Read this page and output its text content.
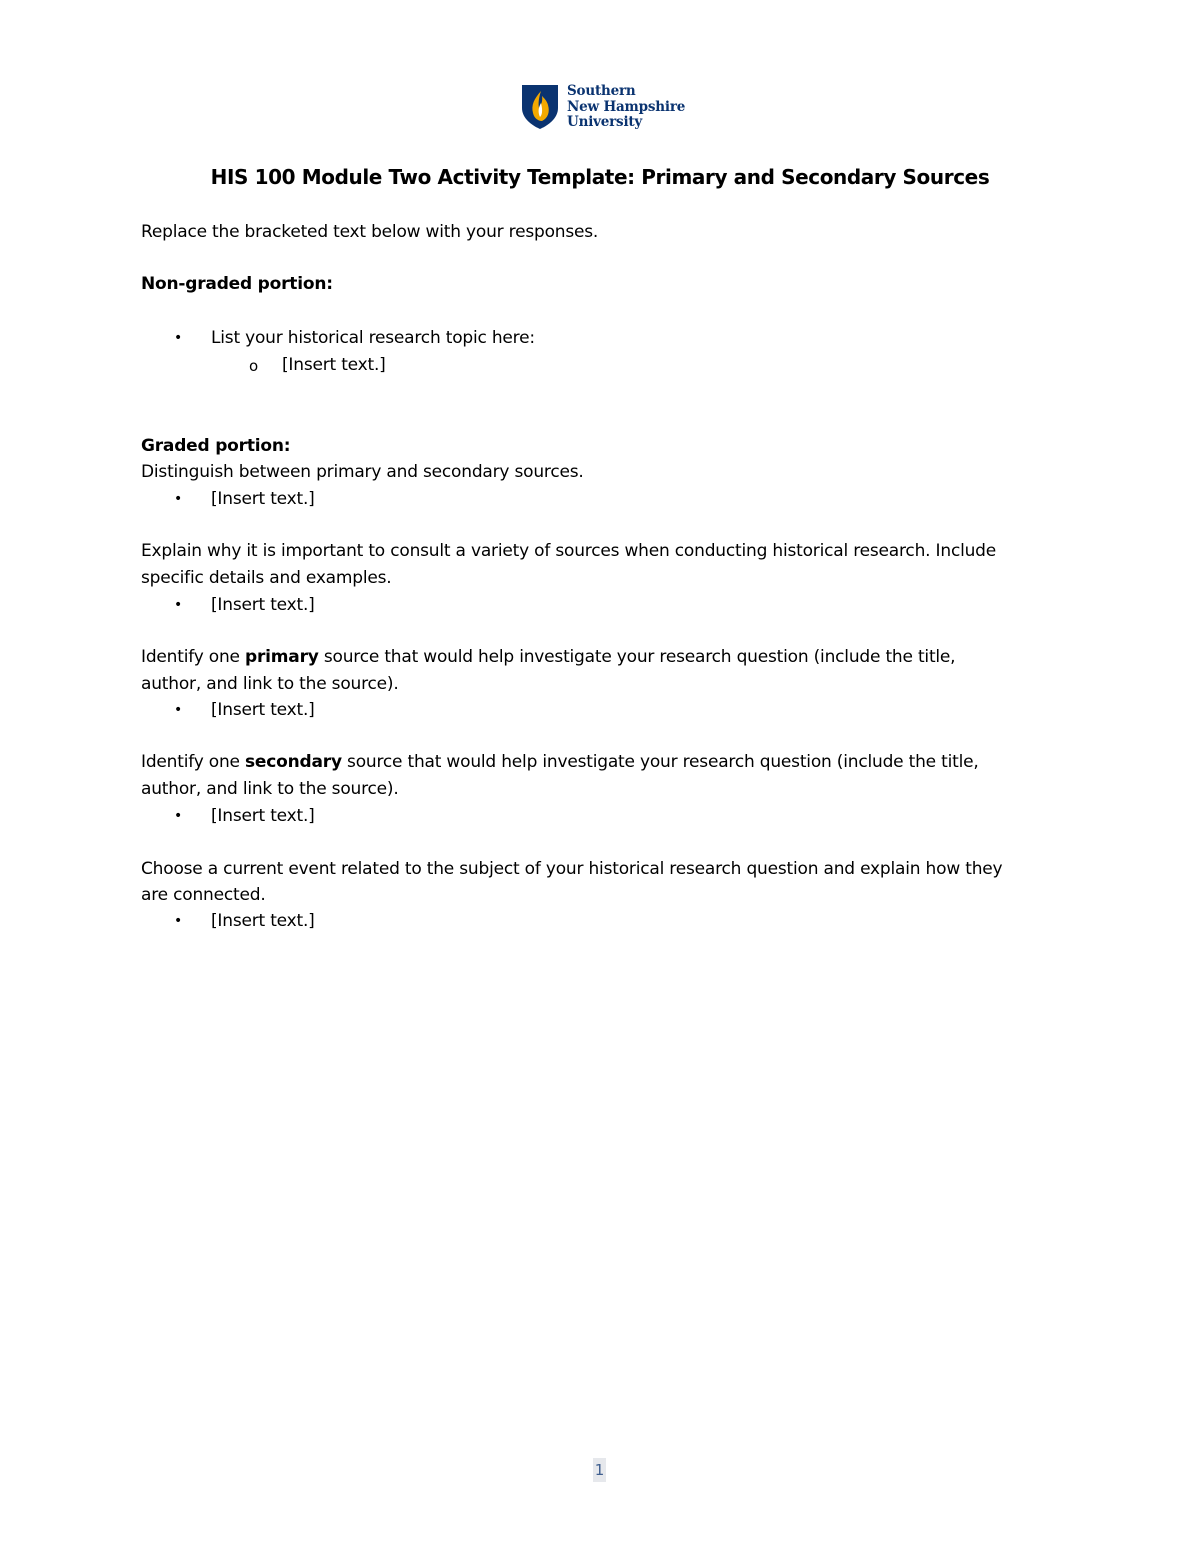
Southern
New Hampshire
University
HIS 100 Module Two Activity Template: Primary and Secondary Sources
Replace the bracketed text below with your responses.
Non-graded portion:
• List your historical research topic here:
o [Insert text.]
Graded portion:
Distinguish between primary and secondary sources.
• [Insert text.]
Explain why it is important to consult a variety of sources when conducting historical research. Include
specific details and examples.
• [Insert text.]
Identify one primary source that would help investigate your research question (include the title,
author, and link to the source).
• [Insert text.]
Identify one secondary source that would help investigate your research question (include the title,
author, and link to the source).
• [Insert text.]
Choose a current event related to the subject of your historical research question and explain how they
are connected.
• [Insert text.]
1
